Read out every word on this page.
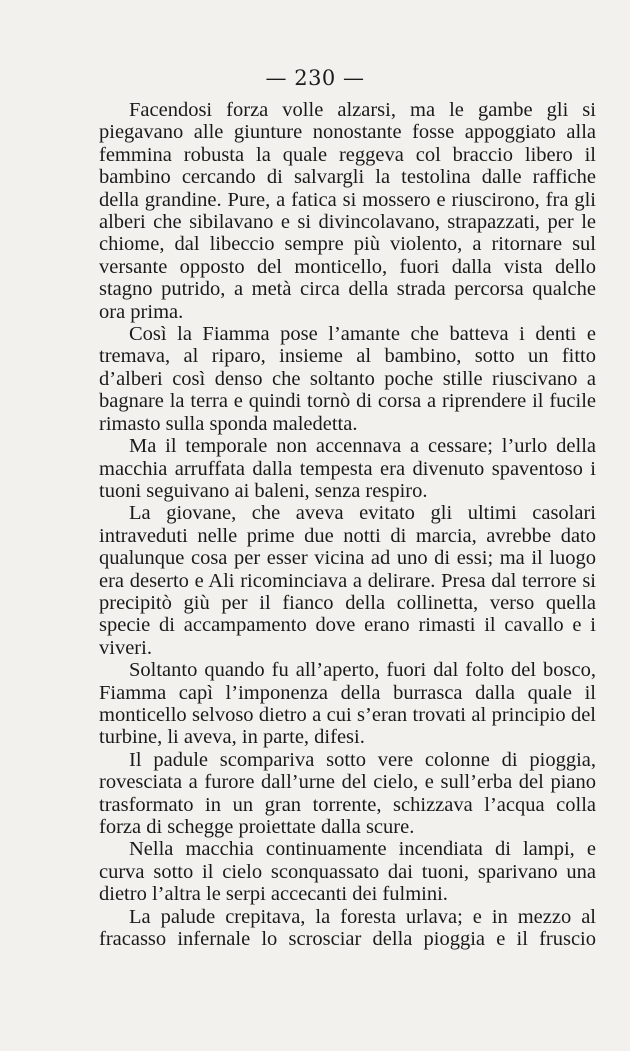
— 230 —

Facendosi forza volle alzarsi, ma le gambe gli si piegavano alle giunture nonostante fosse appoggiato alla femmina robusta la quale reggeva col braccio libero il bambino cercando di salvargli la testolina dalle raffiche della grandine. Pure, a fatica si mossero e riuscirono, fra gli alberi che sibilavano e si divincolavano, strapazzati, per le chiome, dal libeccio sempre più violento, a ritornare sul versante opposto del monticello, fuori dalla vista dello stagno putrido, a metà circa della strada percorsa qualche ora prima.

Così la Fiamma pose l’amante che batteva i denti e tremava, al riparo, insieme al bambino, sotto un fitto d’alberi così denso che soltanto poche stille riuscivano a bagnare la terra e quindi tornò di corsa a riprendere il fucile rimasto sulla sponda maledetta.

Ma il temporale non accennava a cessare; l’urlo della macchia arruffata dalla tempesta era divenuto spaventoso i tuoni seguivano ai baleni, senza respiro.

La giovane, che aveva evitato gli ultimi casolari intraveduti nelle prime due notti di marcia, avrebbe dato qualunque cosa per esser vicina ad uno di essi; ma il luogo era deserto e Ali ricominciava a delirare. Presa dal terrore si precipitò giù per il fianco della collinetta, verso quella specie di accampamento dove erano rimasti il cavallo e i viveri.

Soltanto quando fu all’aperto, fuori dal folto del bosco, Fiamma capì l’imponenza della burrasca dalla quale il monticello selvoso dietro a cui s’eran trovati al principio del turbine, li aveva, in parte, difesi.

Il padule scompariva sotto vere colonne di pioggia, rovesciata a furore dall’urne del cielo, e sull’erba del piano trasformato in un gran torrente, schizzava l’acqua colla forza di schegge proiettate dalla scure.

Nella macchia continuamente incendiata di lampi, e curva sotto il cielo sconquassato dai tuoni, sparivano una dietro l’altra le serpi accecanti dei fulmini.

La palude crepitava, la foresta urlava; e in mezzo al fracasso infernale lo scrosciar della pioggia e il fruscio
